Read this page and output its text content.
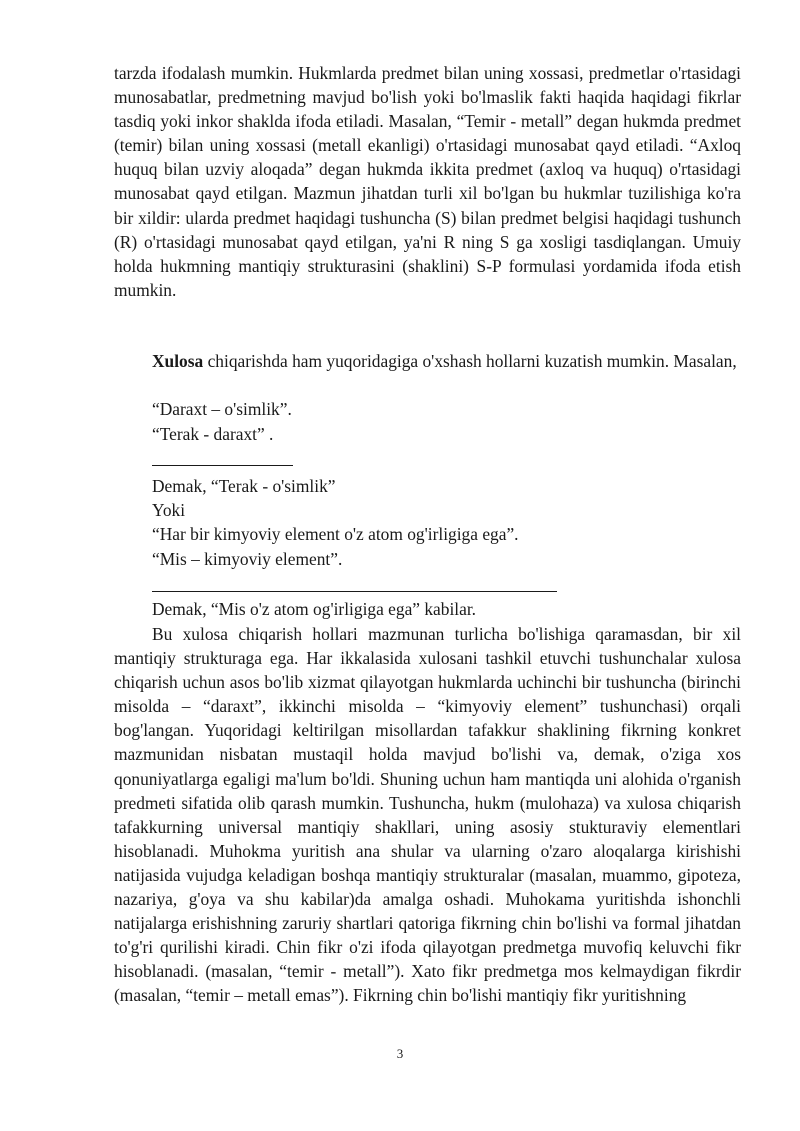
tarzda ifodalash mumkin. Hukmlarda predmet bilan uning xossasi, predmetlar o'rtasidagi munosabatlar, predmetning mavjud bo'lish yoki bo'lmaslik fakti haqida haqidagi fikrlar tasdiq yoki inkor shaklda ifoda etiladi. Masalan, “Temir - metall” degan hukmda predmet (temir) bilan uning xossasi (metall ekanligi) o'rtasidagi munosabat qayd etiladi. “Axloq huquq bilan uzviy aloqada” degan hukmda ikkita predmet (axloq va huquq) o'rtasidagi munosabat qayd etilgan. Mazmun jihatdan turli xil bo'lgan bu hukmlar tuzilishiga ko'ra bir xildir: ularda predmet haqidagi tushuncha (S) bilan predmet belgisi haqidagi tushunch (R) o'rtasidagi munosabat qayd etilgan, ya'ni R ning S ga xosligi tasdiqlangan. Umuiy holda hukmning mantiqiy strukturasini (shaklini) S-P formulasi yordamida ifoda etish mumkin.

Xulosa chiqarishda ham yuqoridagiga o'xshash hollarni kuzatish mumkin. Masalan,

“Daraxt – o'simlik”.
“Terak - daraxt” .
Demak, “Terak - o'simlik”
Yoki
“Har bir kimyoviy element o'z atom og'irligiga ega”.
“Mis – kimyoviy element”.
Demak, “Mis o'z atom og'irligiga ega” kabilar.

Bu xulosa chiqarish hollari mazmunan turlicha bo'lishiga qaramasdan, bir xil mantiqiy strukturaga ega. Har ikkalasida xulosani tashkil etuvchi tushunchalar xulosa chiqarish uchun asos bo'lib xizmat qilayotgan hukmlarda uchinchi bir tushuncha (birinchi misolda – “daraxt”, ikkinchi misolda – “kimyoviy element” tushunchasi) orqali bog'langan. Yuqoridagi keltirilgan misollardan tafakkur shaklining fikrning konkret mazmunidan nisbatan mustaqil holda mavjud bo'lishi va, demak, o'ziga xos qonuniyatlarga egaligi ma'lum bo'ldi. Shuning uchun ham mantiqda uni alohida o'rganish predmeti sifatida olib qarash mumkin. Tushuncha, hukm (mulohaza) va xulosa chiqarish tafakkurning universal mantiqiy shakllari, uning asosiy stukturaviy elementlari hisoblanadi. Muhokma yuritish ana shular va ularning o'zaro aloqalarga kirishishi natijasida vujudga keladigan boshqa mantiqiy strukturalar (masalan, muammo, gipoteza, nazariya, g'oya va shu kabilar)da amalga oshadi. Muhokama yuritishda ishonchli natijalarga erishishning zaruriy shartlari qatoriga fikrning chin bo'lishi va formal jihatdan to'g'ri qurilishi kiradi. Chin fikr o'zi ifoda qilayotgan predmetga muvofiq keluvchi fikr hisoblanadi. (masalan, “temir - metall”). Xato fikr predmetga mos kelmaydigan fikrdir (masalan, “temir – metall emas”). Fikrning chin bo'lishi mantiqiy fikr yuritishning

3
